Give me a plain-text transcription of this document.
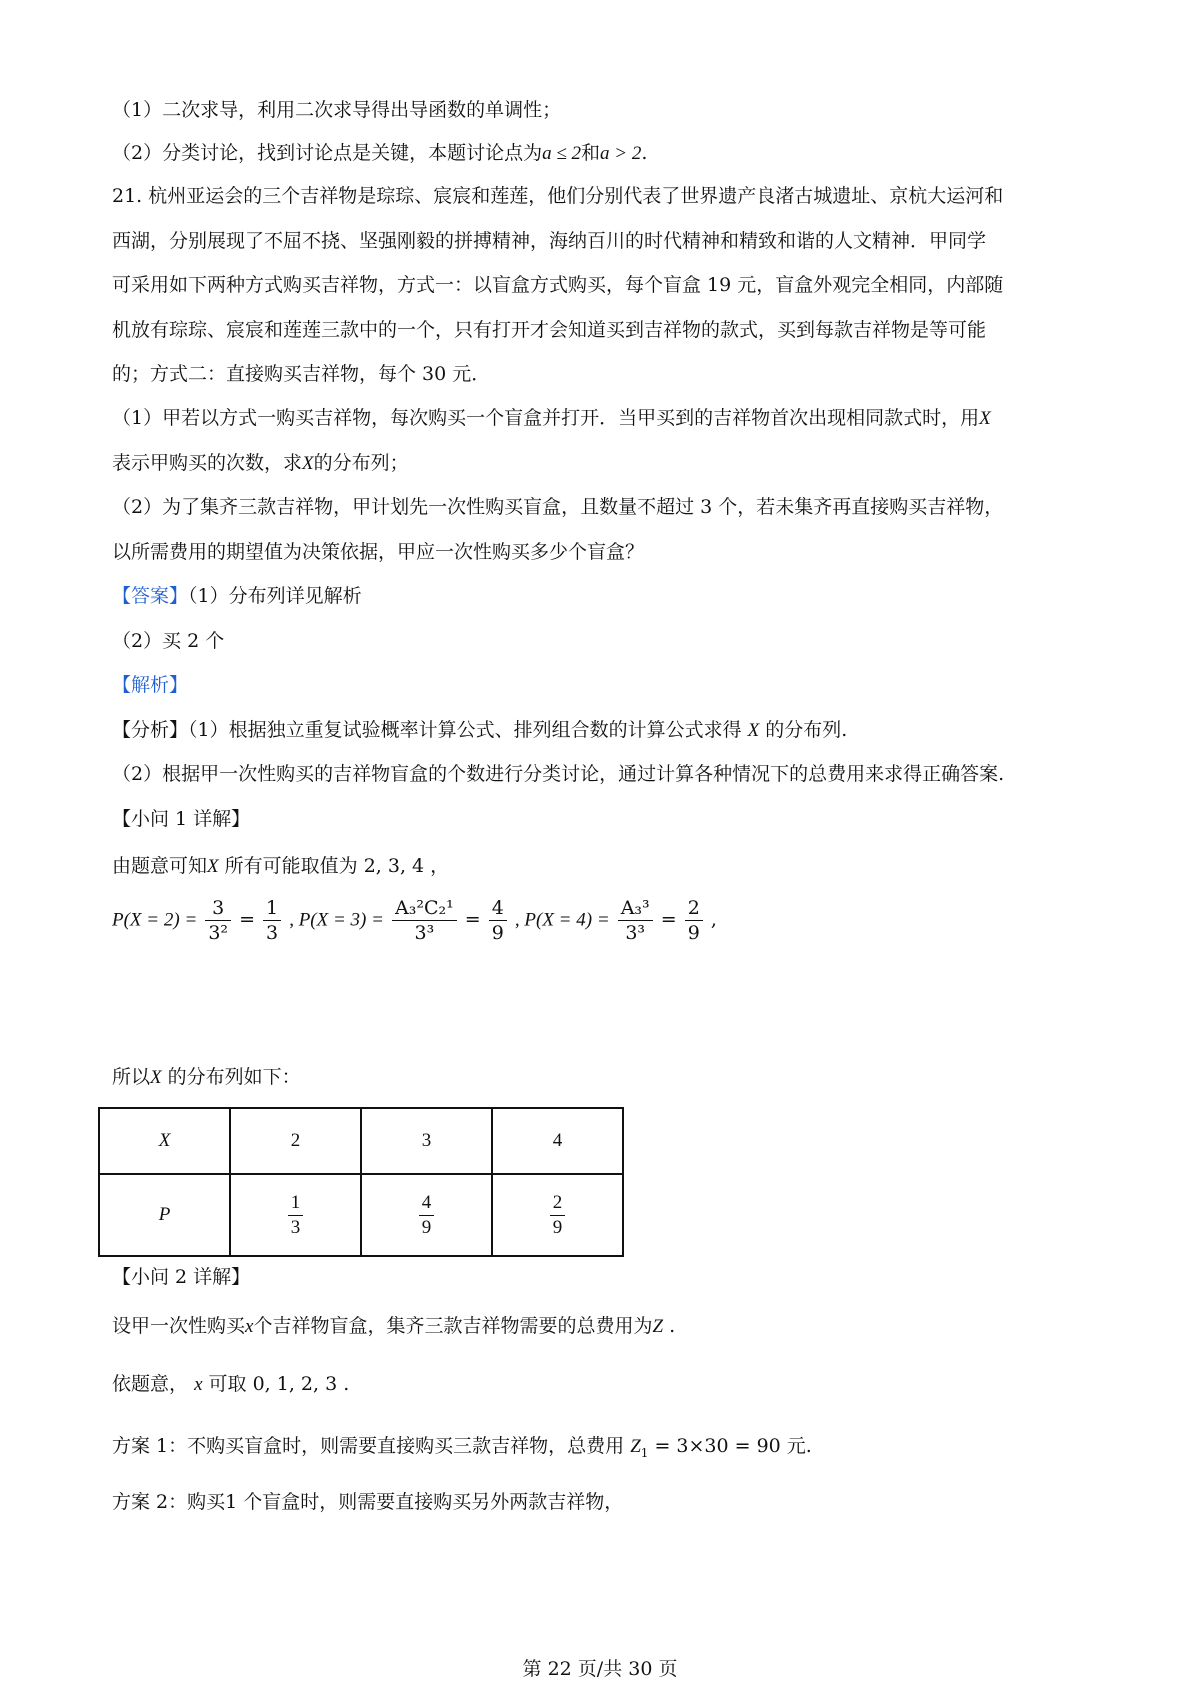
（1）二次求导，利用二次求导得出导函数的单调性；
（2）分类讨论，找到讨论点是关键，本题讨论点为a ≤ 2和a > 2.
21. 杭州亚运会的三个吉祥物是琮琮、宸宸和莲莲，他们分别代表了世界遗产良渚古城遗址、京杭大运河和
西湖，分别展现了不屈不挠、坚强刚毅的拼搏精神，海纳百川的时代精神和精致和谐的人文精神．甲同学
可采用如下两种方式购买吉祥物，方式一：以盲盒方式购买，每个盲盒 19 元，盲盒外观完全相同，内部随
机放有琮琮、宸宸和莲莲三款中的一个，只有打开才会知道买到吉祥物的款式，买到每款吉祥物是等可能
的；方式二：直接购买吉祥物，每个 30 元．
（1）甲若以方式一购买吉祥物，每次购买一个盲盒并打开．当甲买到的吉祥物首次出现相同款式时，用X
表示甲购买的次数，求X的分布列；
（2）为了集齐三款吉祥物，甲计划先一次性购买盲盒，且数量不超过 3 个，若未集齐再直接购买吉祥物，
以所需费用的期望值为决策依据，甲应一次性购买多少个盲盒？
【答案】（1）分布列详见解析
（2）买 2 个
【解析】
【分析】（1）根据独立重复试验概率计算公式、排列组合数的计算公式求得 X 的分布列.
（2）根据甲一次性购买的吉祥物盲盒的个数进行分类讨论，通过计算各种情况下的总费用来求得正确答案.
【小问 1 详解】
由题意可知X 所有可能取值为 2, 3, 4 ，
$P(X = 2) = \frac{3}{\text{3²}} = \frac{1}{3}$ , $P(X = 3) = \frac{\text{A₃²C₂¹}}{\text{3³}} = \frac{4}{9}$ , $P(X = 4) = \frac{\text{A₃³}}{\text{3³}} = \frac{2}{9}$ ,
所以X 的分布列如下：
X	2	3	4
P	$\frac{1}{3}$	$\frac{4}{9}$	$\frac{2}{9}$
【小问 2 详解】
设甲一次性购买x个吉祥物盲盒，集齐三款吉祥物需要的总费用为Z .
依题意， x 可取 0, 1, 2, 3 .
方案 1：不购买盲盒时，则需要直接购买三款吉祥物，总费用 $Z_1 = 3\times 30 = 90$ 元.
方案 2：购买1 个盲盒时，则需要直接购买另外两款吉祥物，
第 22 页/共 30 页
